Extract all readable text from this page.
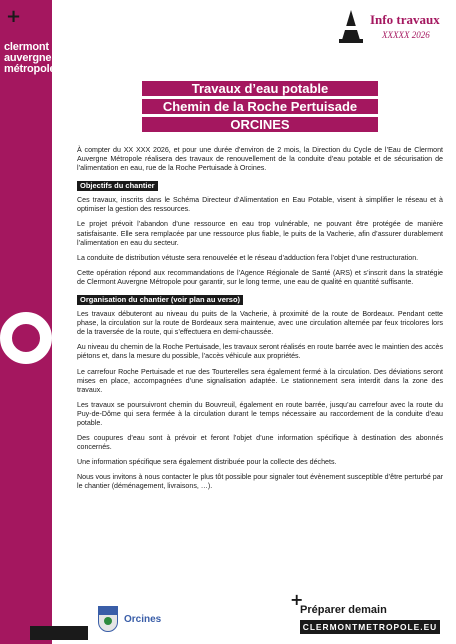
+
clermont
auvergne
métropole
Info travaux
XXXXX 2026
Travaux d’eau potable
Chemin de la Roche Pertuisade
ORCINES

À compter du XX XXX 2026, et pour une durée d’environ de 2 mois, la Direction du Cycle de l’Eau de Clermont Auvergne Métropole réalisera des travaux de renouvellement de la conduite d’eau potable et de sécurisation de l’alimentation en eau, rue de la Roche Pertuisade à Orcines.

Objectifs du chantier

Ces travaux, inscrits dans le Schéma Directeur d’Alimentation en Eau Potable, visent à simplifier le réseau et à optimiser la gestion des ressources.

Le projet prévoit l’abandon d’une ressource en eau trop vulnérable, ne pouvant être protégée de manière satisfaisante. Elle sera remplacée par une ressource plus fiable, le puits de la Vacherie, afin d’assurer durablement l’alimentation en eau du secteur.

La conduite de distribution vétuste sera renouvelée et le réseau d’adduction fera l’objet d’une restructuration.

Cette opération répond aux recommandations de l’Agence Régionale de Santé (ARS) et s’inscrit dans la stratégie de Clermont Auvergne Métropole pour garantir, sur le long terme, une eau de qualité en quantité suffisante.

Organisation du chantier (voir plan au verso)

Les travaux débuteront au niveau du puits de la Vacherie, à proximité de la route de Bordeaux. Pendant cette phase, la circulation sur la route de Bordeaux sera maintenue, avec une circulation alternée par feux tricolores lors de la traversée de la route, qui s’effectuera en demi-chaussée.

Au niveau du chemin de la Roche Pertuisade, les travaux seront réalisés en route barrée avec le maintien des accès piétons et, dans la mesure du possible, l’accès véhicule aux propriétés.

Le carrefour Roche Pertuisade et rue des Tourterelles sera également fermé à la circulation. Des déviations seront mises en place, accompagnées d’une signalisation adaptée. Le stationnement sera interdit dans la zone des travaux.

Les travaux se poursuivront chemin du Bouvreuil, également en route barrée, jusqu’au carrefour avec la route du Puy-de-Dôme qui sera fermée à la circulation durant le temps nécessaire au raccordement de la conduite d’eau potable.

Des coupures d’eau sont à prévoir et feront l’objet d’une information spécifique à destination des abonnés concernés.

Une information spécifique sera également distribuée pour la collecte des déchets.

Nous vous invitons à nous contacter le plus tôt possible pour signaler tout évènement susceptible d’être perturbé par le chantier (déménagement, livraisons, …).

Orcines
+
Préparer demain
CLERMONTMETROPOLE.EU
